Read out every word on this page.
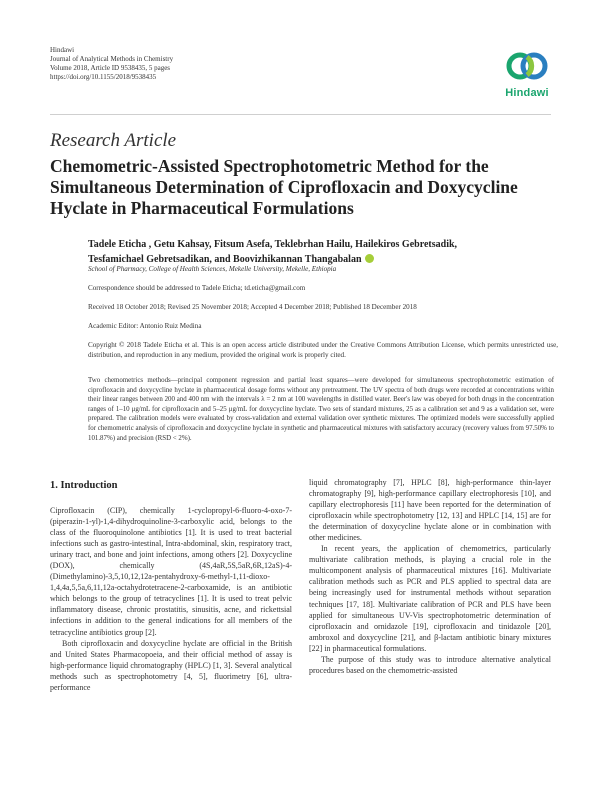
Hindawi
Journal of Analytical Methods in Chemistry
Volume 2018, Article ID 9538435, 5 pages
https://doi.org/10.1155/2018/9538435
Hindawi
Research Article
Chemometric-Assisted Spectrophotometric Method for the Simultaneous Determination of Ciprofloxacin and Doxycycline Hyclate in Pharmaceutical Formulations
Tadele Eticha , Getu Kahsay, Fitsum Asefa, Teklebrhan Hailu, Hailekiros Gebretsadik,
Tesfamichael Gebretsadikan, and Boovizhikannan Thangabalan
School of Pharmacy, College of Health Sciences, Mekelle University, Mekelle, Ethiopia
Correspondence should be addressed to Tadele Eticha; td.eticha@gmail.com
Received 18 October 2018; Revised 25 November 2018; Accepted 4 December 2018; Published 18 December 2018
Academic Editor: Antonio Ruiz Medina
Copyright © 2018 Tadele Eticha et al. This is an open access article distributed under the Creative Commons Attribution License, which permits unrestricted use, distribution, and reproduction in any medium, provided the original work is properly cited.
Two chemometrics methods—principal component regression and partial least squares—were developed for simultaneous spectrophotometric estimation of ciprofloxacin and doxycycline hyclate in pharmaceutical dosage forms without any pretreatment. The UV spectra of both drugs were recorded at concentrations within their linear ranges between 200 and 400 nm with the intervals λ = 2 nm at 100 wavelengths in distilled water. Beer's law was obeyed for both drugs in the concentration ranges of 1–10 μg/mL for ciprofloxacin and 5–25 μg/mL for doxycycline hyclate. Two sets of standard mixtures, 25 as a calibration set and 9 as a validation set, were prepared. The calibration models were evaluated by cross-validation and external validation over synthetic mixtures. The optimized models were successfully applied for chemometric analysis of ciprofloxacin and doxycycline hyclate in synthetic and pharmaceutical mixtures with satisfactory accuracy (recovery values from 97.50% to 101.87%) and precision (RSD < 2%).
1. Introduction

Ciprofloxacin (CIP), chemically 1-cyclopropyl-6-fluoro-4-oxo-7-(piperazin-1-yl)-1,4-dihydroquinoline-3-carboxylic acid, belongs to the class of the fluoroquinolone antibiotics [1]. It is used to treat bacterial infections such as gastro-intestinal, Intra-abdominal, skin, respiratory tract, urinary tract, and bone and joint infections, among others [2]. Doxycycline (DOX), chemically (4S,4aR,5S,5aR,6R,12aS)-4-(Dimethylamino)-3,5,10,12,12a-pentahydroxy-6-methyl-1,11-dioxo-1,4,4a,5,5a,6,11,12a-octahydrotetracene-2-carboxamide, is an antibiotic which belongs to the group of tetracyclines [1]. It is used to treat pelvic inflammatory disease, chronic prostatitis, sinusitis, acne, and rickettsial infections in addition to the general indications for all members of the tetracycline antibiotics group [2].

Both ciprofloxacin and doxycycline hyclate are official in the British and United States Pharmacopoeia, and their official method of assay is high-performance liquid chromatography (HPLC) [1, 3]. Several analytical methods such as spectrophotometry [4, 5], fluorimetry [6], ultra-performance

liquid chromatography [7], HPLC [8], high-performance thin-layer chromatography [9], high-performance capillary electrophoresis [10], and capillary electrophoresis [11] have been reported for the determination of ciprofloxacin while spectrophotometry [12, 13] and HPLC [14, 15] are for the determination of doxycycline hyclate alone or in combination with other medicines.

In recent years, the application of chemometrics, particularly multivariate calibration methods, is playing a crucial role in the multicomponent analysis of pharmaceutical mixtures [16]. Multivariate calibration methods such as PCR and PLS applied to spectral data are being increasingly used for instrumental methods without separation techniques [17, 18]. Multivariate calibration of PCR and PLS have been applied for simultaneous UV-Vis spectrophotometric determination of ciprofloxacin and ornidazole [19], ciprofloxacin and tinidazole [20], ambroxol and doxycycline [21], and β-lactam antibiotic binary mixtures [22] in pharmaceutical formulations.

The purpose of this study was to introduce alternative analytical procedures based on the chemometric-assisted
